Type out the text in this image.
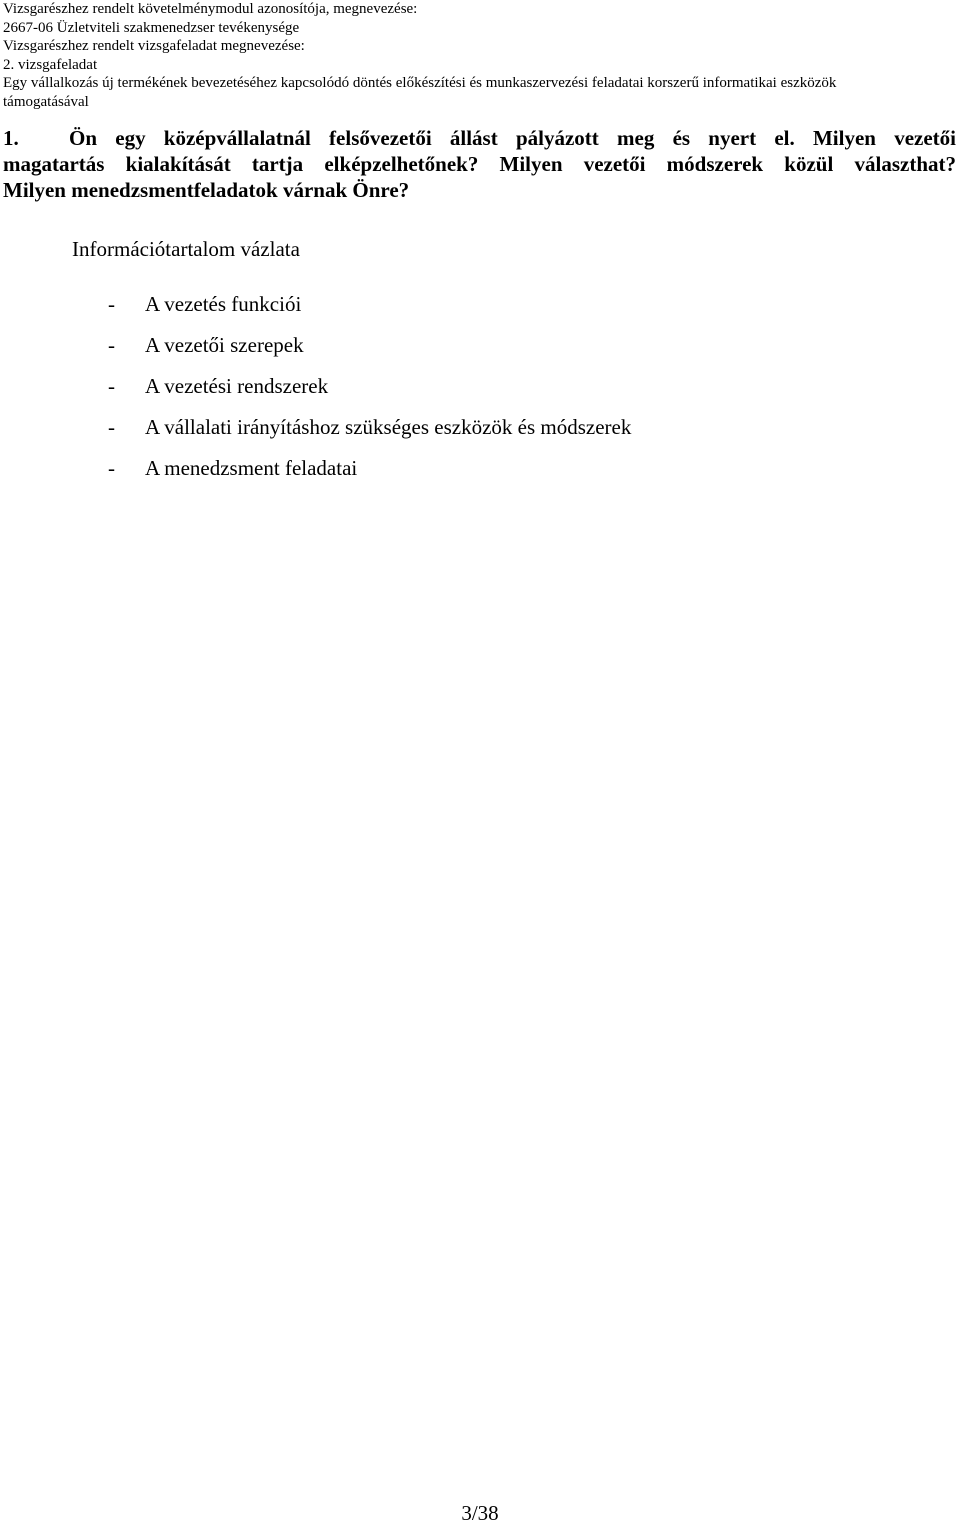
Vizsgarészhez rendelt követelménymodul azonosítója, megnevezése:
2667-06 Üzletviteli szakmenedzser tevékenysége
Vizsgarészhez rendelt vizsgafeladat megnevezése:
2. vizsgafeladat
Egy vállalkozás új termékének bevezetéséhez kapcsolódó döntés előkészítési és munkaszervezési feladatai korszerű informatikai eszközök
támogatásával
1.	Ön egy középvállalatnál felsővezetői állást pályázott meg és nyert el. Milyen vezetői
magatartás kialakítását tartja elképzelhetőnek? Milyen vezetői módszerek közül választhat?
Milyen menedzsmentfeladatok várnak Önre?
Információtartalom vázlata
-	A vezetés funkciói
-	A vezetői szerepek
-	A vezetési rendszerek
-	A vállalati irányításhoz szükséges eszközök és módszerek
-	A menedzsment feladatai
3/38
